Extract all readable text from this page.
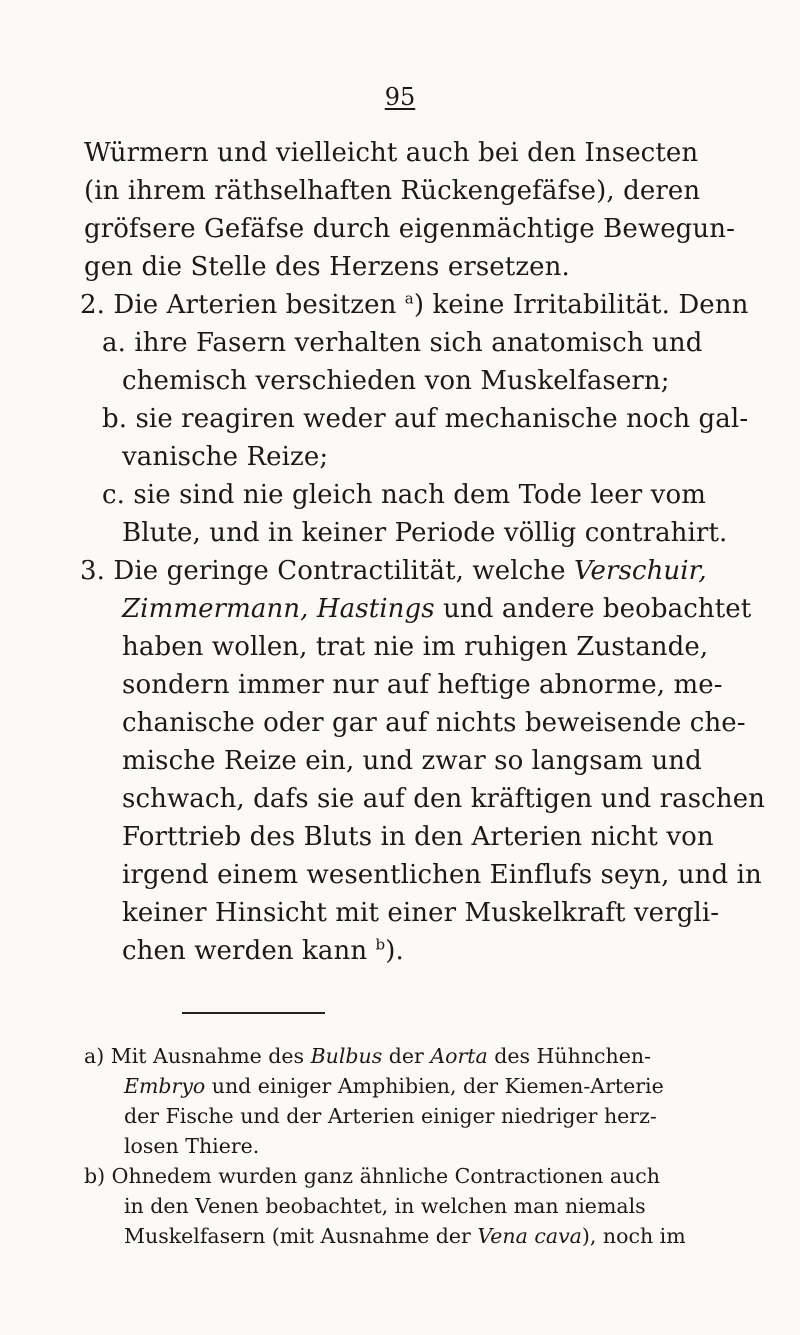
95
Würmern und vielleicht auch bei den Insecten
(in ihrem räthselhaften Rückengefäfse), deren
gröfsere Gefäfse durch eigenmächtige Bewegun-
gen die Stelle des Herzens ersetzen.
2. Die Arterien besitzen $^a$) keine Irritabilität. Denn
a. ihre Fasern verhalten sich anatomisch und
chemisch verschieden von Muskelfasern;
b. sie reagiren weder auf mechanische noch gal-
vanische Reize;
c. sie sind nie gleich nach dem Tode leer vom
Blute, und in keiner Periode völlig contrahirt.
3. Die geringe Contractilität, welche Verschuir,
Zimmermann, Hastings und andere beobachtet
haben wollen, trat nie im ruhigen Zustande,
sondern immer nur auf heftige abnorme, me-
chanische oder gar auf nichts beweisende che-
mische Reize ein, und zwar so langsam und
schwach, dafs sie auf den kräftigen und raschen
Forttrieb des Bluts in den Arterien nicht von
irgend einem wesentlichen Einflufs seyn, und in
keiner Hinsicht mit einer Muskelkraft vergli-
chen werden kann $^b$).
a) Mit Ausnahme des Bulbus der Aorta des Hühnchen-
Embryo und einiger Amphibien, der Kiemen-Arterie
der Fische und der Arterien einiger niedriger herz-
losen Thiere.
b) Ohnedem wurden ganz ähnliche Contractionen auch
in den Venen beobachtet, in welchen man niemals
Muskelfasern (mit Ausnahme der Vena cava), noch im
